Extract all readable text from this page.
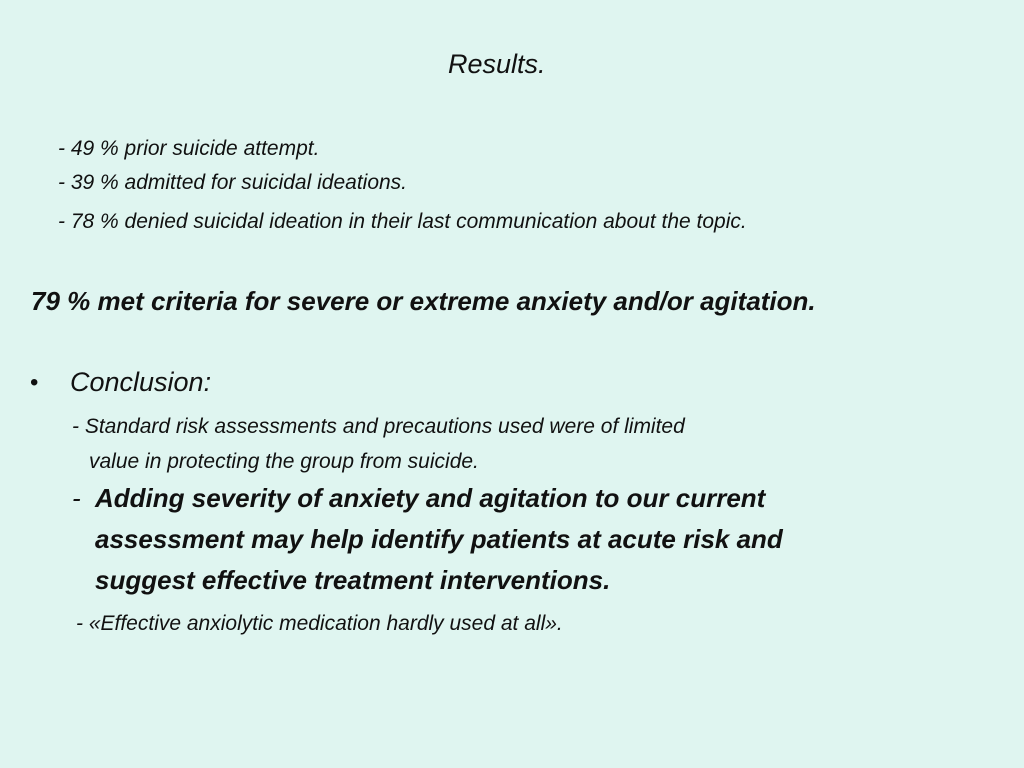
Results.
- 49 % prior suicide attempt.
- 39 % admitted for suicidal ideations.
- 78 % denied suicidal ideation in their last communication about the topic.
79 % met criteria for severe or extreme anxiety and/or agitation.
• Conclusion:
- Standard risk assessments and precautions used were of limited
value in protecting the group from suicide.
- Adding severity of anxiety and agitation to our current
assessment may help identify patients at acute risk and
suggest effective treatment interventions.
- «Effective anxiolytic medication hardly used at all».
